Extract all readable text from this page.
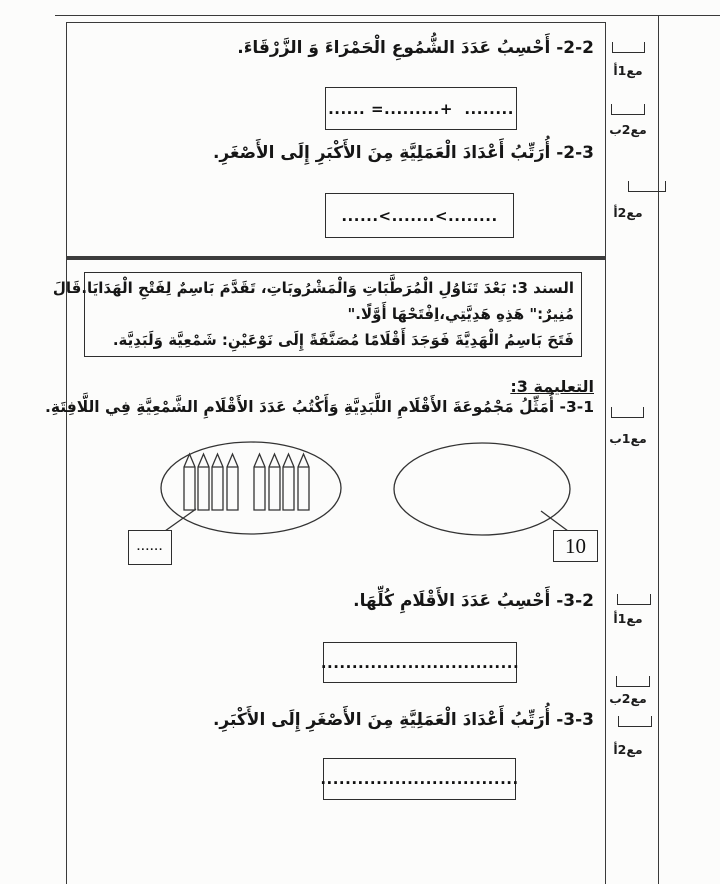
2-2- أَحْسِبُ عَدَدَ الشُّمُوعِ الْحَمْرَاءَ وَ الزَّرْقَاءَ.
...... =.........+  ........
2-3- أُرَتِّبُ أَعْدَادَ الْعَمَلِيَّةِ مِنَ الأَكْبَرِ إِلَى الأَصْغَرِ.
......<.......<........
السند 3: بَعْدَ تَنَاوُلِ الْمُرَطَّبَاتِ وَالْمَشْرُوبَاتِ، تَقَدَّمَ بَاسِمٌ لِفَتْحِ الْهَدَايَا.قَالَ
مُنِيرٌ:" هَذِهِ هَدِيَّتِي،اِفْتَحْهَا أَوَّلًا."
فَتَحَ بَاسِمُ الْهَدِيَّةَ فَوَجَدَ أَقْلَامًا مُصَنَّفَةً إِلَى نَوْعَيْنِ: شَمْعِيَّة وَلَبَدِيَّة.
التعليمة 3:
3-1- أُمَثِّلُ مَجْمُوعَةَ الأَقْلَامِ اللَّبَدِيَّةِ وَأَكْتُبُ عَدَدَ الأَقْلَامِ الشَّمْعِيَّةِ فِي اللَّافِتَةِ.
......	10
3-2- أَحْسِبُ عَدَدَ الأَقْلَامِ كُلِّهَا.
................................
3-3- أُرَتِّبُ أَعْدَادَ الْعَمَلِيَّةِ مِنَ الأَصْغَرِ إِلَى الأَكْبَرِ.
................................
مع1أ
مع2ب
مع2أ
مع1ب
مع1أ
مع2ب
مع2أ
